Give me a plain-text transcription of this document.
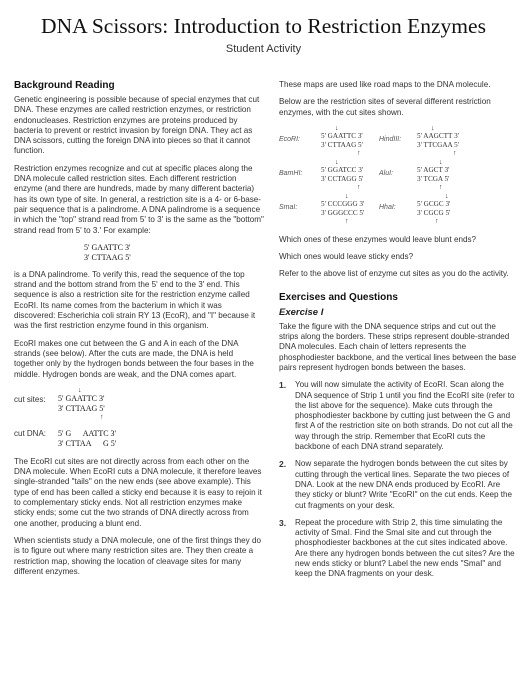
DNA Scissors: Introduction to Restriction Enzymes
Student Activity
Background Reading

Genetic engineering is possible because of special enzymes that cut DNA. These enzymes are called restriction enzymes, or restriction endonucleases. Restriction enzymes are proteins produced by bacteria to prevent or restrict invasion by foreign DNA. They act as DNA scissors, cutting the foreign DNA into pieces so that it cannot function.

Restriction enzymes recognize and cut at specific places along the DNA molecule called restriction sites. Each different restriction enzyme (and there are hundreds, made by many different bacteria) has its own type of site. In general, a restriction site is a 4- or 6-base-pair sequence that is a palindrome. A DNA palindrome is a sequence in which the "top" strand read from 5' to 3' is the same as the "bottom" strand read from 5' to 3.' For example:

5' GAATTC 3'
3' CTTAAG 5'

is a DNA palindrome. To verify this, read the sequence of the top strand and the bottom strand from the 5' end to the 3' end. This sequence is also a restriction site for the restriction enzyme called EcoRI. Its name comes from the bacterium in which it was discovered: Escherichia coli strain RY 13 (EcoR), and "I" because it was the first restriction enzyme found in this organism.

EcoRI makes one cut between the G and A in each of the DNA strands (see below). After the cuts are made, the DNA is held together only by the hydrogen bonds between the four bases in the middle. Hydrogen bonds are weak, and the DNA comes apart.

cut sites:
↓
5' GAATTC 3'
3' CTTAAG 5'
↑
cut DNA:	5' G      AATTC 3'
3' CTTAA      G 5'

The EcoRI cut sites are not directly across from each other on the DNA molecule. When EcoRI cuts a DNA molecule, it therefore leaves single-stranded "tails" on the new ends (see above example). This type of end has been called a sticky end because it is easy to rejoin it to complementary sticky ends. Not all restriction enzymes make sticky ends; some cut the two strands of DNA directly across from one another, producing a blunt end.

When scientists study a DNA molecule, one of the first things they do is to figure out where many restriction sites are. They then create a restriction map, showing the location of cleavage sites for many different enzymes.

These maps are used like road maps to the DNA molecule.

Below are the restriction sites of several different restriction enzymes, with the cut sites shown.

EcoRI:
↓
5' GAATTC 3'
3' CTTAAG 5'
↑
HindIII:
↓
5' AAGCTT 3'
3' TTCGAA 5'
↑
BamHI:
↓
5' GGATCC 3'
3' CCTAGG 5'
↑
AluI:
↓
5' AGCT 3'
3' TCGA 5'
↑
SmaI:
↓
5' CCCGGG 3'
3' GGGCCC 5'
↑
HhaI:
↓
5' GCGC 3'
3' CGCG 5'
↑

Which ones of these enzymes would leave blunt ends?

Which ones would leave sticky ends?

Refer to the above list of enzyme cut sites as you do the activity.

Exercises and Questions
Exercise I

Take the figure with the DNA sequence strips and cut out the strips along the borders. These strips represent double-stranded DNA molecules. Each chain of letters represents the phosphodiester backbone, and the vertical lines between the base pairs represent hydrogen bonds between the bases.

1.	You will now simulate the activity of EcoRI. Scan along the DNA sequence of Strip 1 until you find the EcoRI site (refer to the list above for the sequence). Make cuts through the phosphodiester backbone by cutting just between the G and first A of the restriction site on both strands. Do not cut all the way through the strip. Remember that EcoRI cuts the backbone of each DNA strand separately.
2.	Now separate the hydrogen bonds between the cut sites by cutting through the vertical lines. Separate the two pieces of DNA. Look at the new DNA ends produced by EcoRI. Are they sticky or blunt? Write "EcoRI" on the cut ends. Keep the cut fragments on your desk.
3.	Repeat the procedure with Strip 2, this time simulating the activity of SmaI. Find the SmaI site and cut through the phosphodiester backbones at the cut sites indicated above. Are there any hydrogen bonds between the cut sites? Are the new ends sticky or blunt? Label the new ends "SmaI" and keep the DNA fragments on your desk.
